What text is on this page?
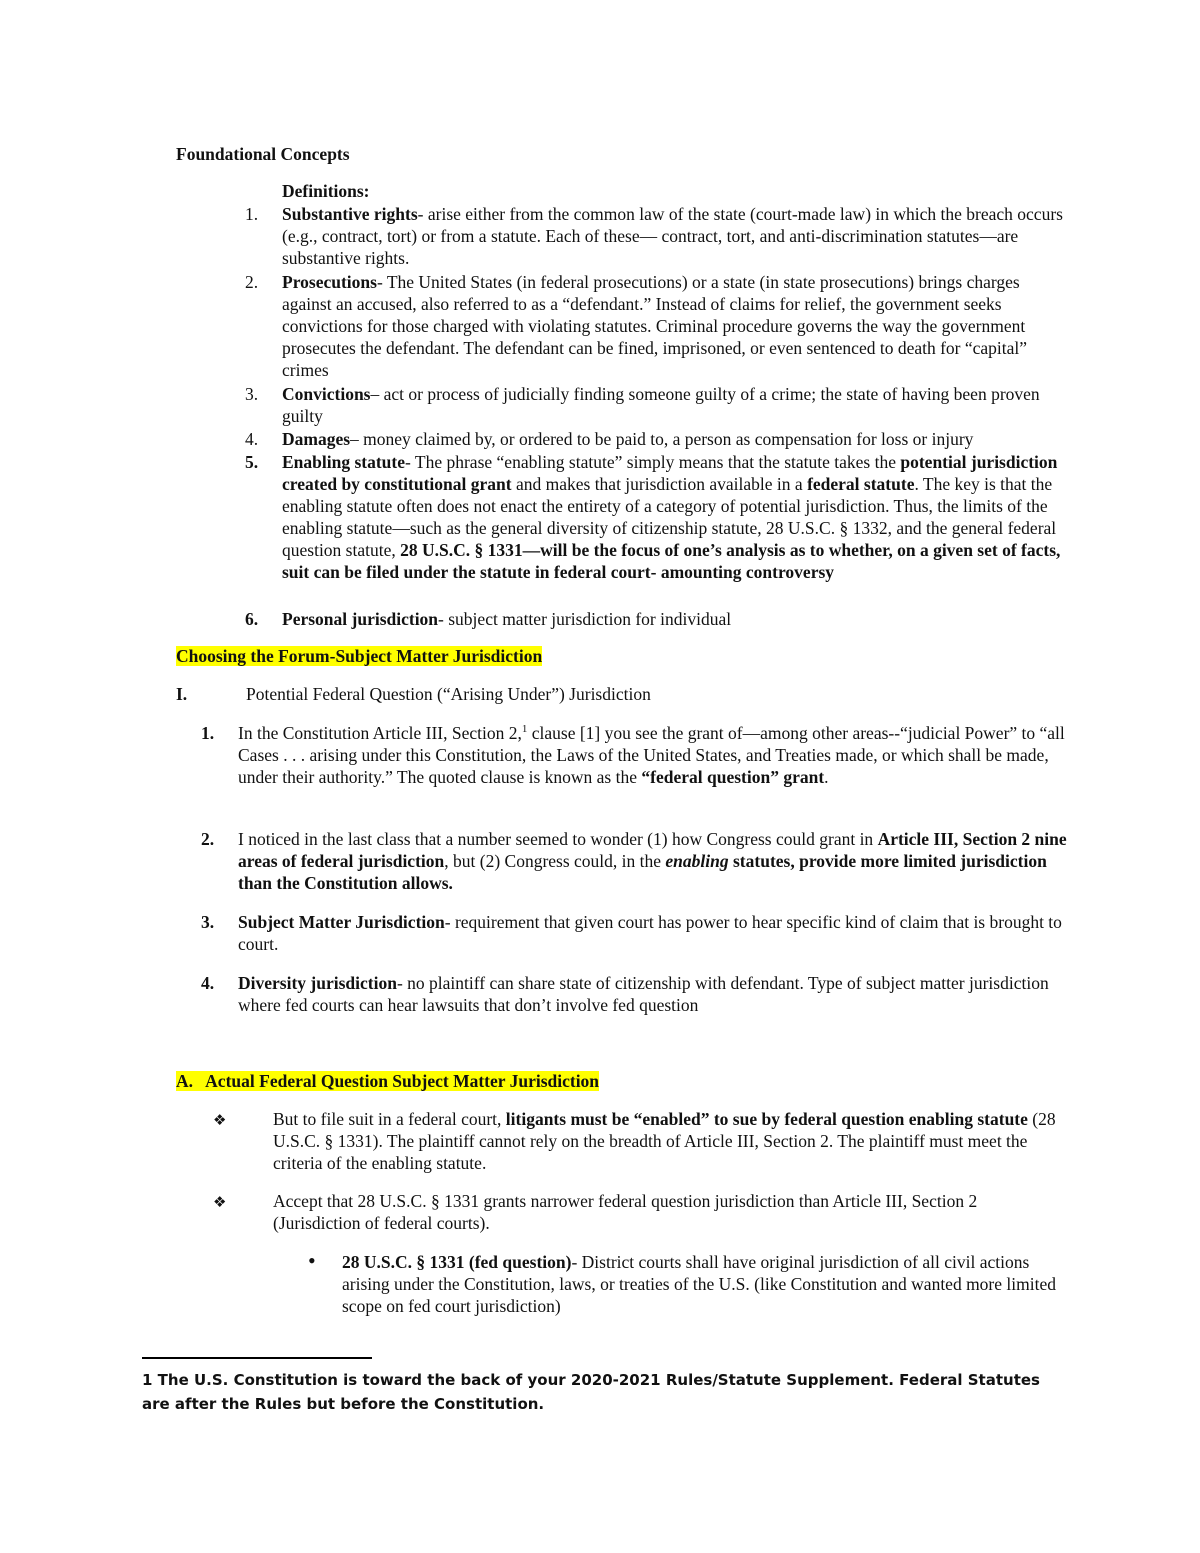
Foundational Concepts
Definitions:
1. Substantive rights- arise either from the common law of the state (court-made law) in which the breach occurs (e.g., contract, tort) or from a statute. Each of these— contract, tort, and anti-discrimination statutes—are substantive rights.
2. Prosecutions- The United States (in federal prosecutions) or a state (in state prosecutions) brings charges against an accused, also referred to as a “defendant.” Instead of claims for relief, the government seeks convictions for those charged with violating statutes. Criminal procedure governs the way the government prosecutes the defendant. The defendant can be fined, imprisoned, or even sentenced to death for “capital” crimes
3. Convictions– act or process of judicially finding someone guilty of a crime; the state of having been proven guilty
4. Damages– money claimed by, or ordered to be paid to, a person as compensation for loss or injury
5. Enabling statute- The phrase “enabling statute” simply means that the statute takes the potential jurisdiction created by constitutional grant and makes that jurisdiction available in a federal statute. The key is that the enabling statute often does not enact the entirety of a category of potential jurisdiction. Thus, the limits of the enabling statute—such as the general diversity of citizenship statute, 28 U.S.C. § 1332, and the general federal question statute, 28 U.S.C. § 1331—will be the focus of one’s analysis as to whether, on a given set of facts, suit can be filed under the statute in federal court- amounting controversy
6. Personal jurisdiction- subject matter jurisdiction for individual
Choosing the Forum-Subject Matter Jurisdiction
I.	Potential Federal Question (“Arising Under”) Jurisdiction
1. In the Constitution Article III, Section 2,$^1$ clause [1] you see the grant of—among other areas--“judicial Power” to “all Cases . . . arising under this Constitution, the Laws of the United States, and Treaties made, or which shall be made, under their authority.” The quoted clause is known as the “federal question” grant.
2. I noticed in the last class that a number seemed to wonder (1) how Congress could grant in Article III, Section 2 nine areas of federal jurisdiction, but (2) Congress could, in the enabling statutes, provide more limited jurisdiction than the Constitution allows.
3. Subject Matter Jurisdiction- requirement that given court has power to hear specific kind of claim that is brought to court.
4. Diversity jurisdiction- no plaintiff can share state of citizenship with defendant. Type of subject matter jurisdiction where fed courts can hear lawsuits that don’t involve fed question
A.   Actual Federal Question Subject Matter Jurisdiction
❖	But to file suit in a federal court, litigants must be “enabled” to sue by federal question enabling statute (28 U.S.C. § 1331). The plaintiff cannot rely on the breadth of Article III, Section 2. The plaintiff must meet the criteria of the enabling statute.
❖	Accept that 28 U.S.C. § 1331 grants narrower federal question jurisdiction than Article III, Section 2 (Jurisdiction of federal courts).
• 28 U.S.C. § 1331 (fed question)- District courts shall have original jurisdiction of all civil actions arising under the Constitution, laws, or treaties of the U.S. (like Constitution and wanted more limited scope on fed court jurisdiction)
1 The U.S. Constitution is toward the back of your 2020-2021 Rules/Statute Supplement. Federal Statutes are after the Rules but before the Constitution.
